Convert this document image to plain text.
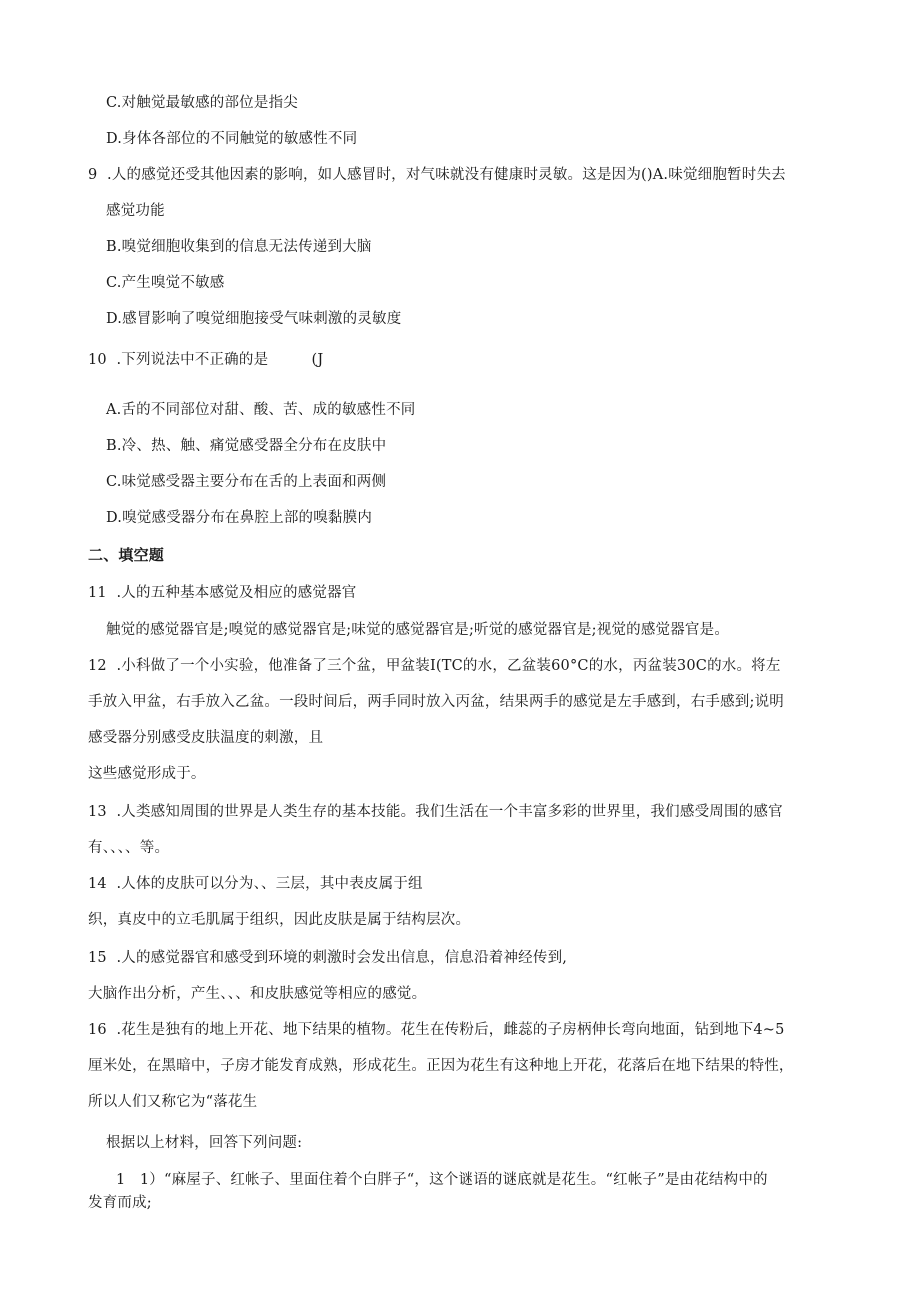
C.对触觉最敏感的部位是指尖
D.身体各部位的不同触觉的敏感性不同
9  .人的感觉还受其他因素的影响，如人感冒时，对气味就没有健康时灵敏。这是因为()A.味觉细胞暂时失去
感觉功能
B.嗅觉细胞收集到的信息无法传递到大脑
C.产生嗅觉不敏感
D.感冒影响了嗅觉细胞接受气味刺激的灵敏度
10  .下列说法中不正确的是         (J
A.舌的不同部位对甜、酸、苦、成的敏感性不同
B.冷、热、触、痛觉感受器全分布在皮肤中
C.味觉感受器主要分布在舌的上表面和两侧
D.嗅觉感受器分布在鼻腔上部的嗅黏膜内
二、填空题
11  .人的五种基本感觉及相应的感觉器官
触觉的感觉器官是;嗅觉的感觉器官是;味觉的感觉器官是;听觉的感觉器官是;视觉的感觉器官是。
12  .小科做了一个小实验，他准备了三个盆，甲盆装I(TC的水，乙盆装60°C的水，丙盆装30C的水。将左
手放入甲盆，右手放入乙盆。一段时间后，两手同时放入丙盆，结果两手的感觉是左手感到，右手感到;说明
感受器分别感受皮肤温度的刺激，且
这些感觉形成于。
13  .人类感知周围的世界是人类生存的基本技能。我们生活在一个丰富多彩的世界里，我们感受周围的感官
有、、、、等。
14  .人体的皮肤可以分为、、三层，其中表皮属于组
织，真皮中的立毛肌属于组织，因此皮肤是属于结构层次。
15  .人的感觉器官和感受到环境的刺激时会发出信息，信息沿着神经传到,
大脑作出分析，产生、、、和皮肤感觉等相应的感觉。
16  .花生是独有的地上开花、地下结果的植物。花生在传粉后，雌蕊的子房柄伸长弯向地面，钻到地下4~5
厘米处，在黑暗中，子房才能发育成熟，形成花生。正因为花生有这种地上开花，花落后在地下结果的特性，
所以人们又称它为“落花生
根据以上材料，回答下列问题:
1   1）“麻屋子、红帐子、里面住着个白胖子“，这个谜语的谜底就是花生。“红帐子”是由花结构中的
发育而成;
